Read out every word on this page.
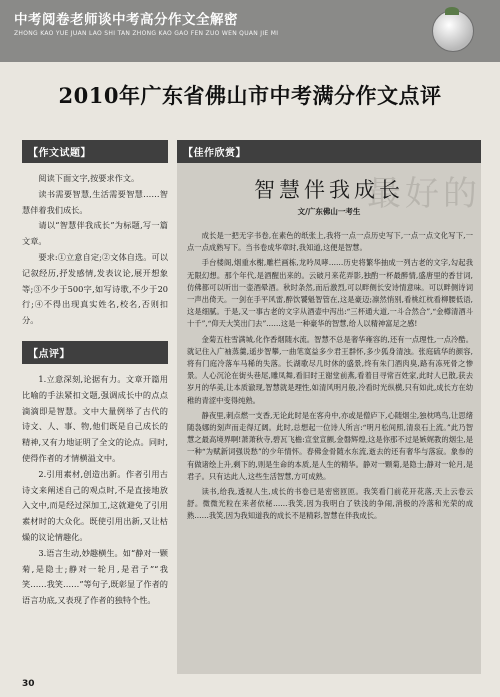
中考阅卷老师谈中考高分作文全解密
ZHONG KAO YUE JUAN LAO SHI TAN ZHONG KAO GAO FEN ZUO WEN QUAN JIE MI
2010年广东省佛山市中考满分作文点评
【作文试题】

阅读下面文字,按要求作文。

读书需要智慧,生活需要智慧……智慧伴着我们成长。

请以“智慧伴我成长”为标题,写一篇文章。

要求:①立意自定;②文体自选。可以记叙经历,抒发感情,发表议论,展开想象等;③不少于500字,如写诗歌,不少于20行;④不得出现真实姓名,校名,否则扣分。

【点评】

1.立意深刻,论据有力。文章开篇用比喻的手法紧扣文题,强调成长中的点点滴滴即是智慧。文中大量例举了古代的诗文、人、事、物,他们既是自己成长的精神,又有力地证明了全文的论点。同时,使得作者的才情横溢文中。

2.引用素材,创造出新。作者引用古诗文来阐述自己的观点时,不是直接地放入文中,而是经过深加工,这就避免了引用素材时的大众化。既使引用出新,又让枯燥的议论情趣化。

3.语言生动,妙趣横生。如“静对一颗菊,是隐士;静对一轮月,是君子”“我笑……我笑……”等句子,既彰显了作者的语言功底,又表现了作者的独特个性。

【佳作欣赏】
最好的
智慧伴我成长
文/广东佛山一考生

成长是一把无字书卷,在素色的纸张上,我将一点一点历史写下,一点一点文化写下,一点一点成熟写下。当书卷成华章时,我知道,这便是智慧。

手台楼阁,烟重水榭,雕栏画栋,龙吟凤哮……历史将繁华抽成一列古老的文字,勾起我无限幻想。那个年代,是酒醒出来的。云破月来花弄影,独酌一杯最醉情,盛唐里的香甘词,仿佛都可以听出一壶酒晕酒。秋时条然,而后激烈,可以畔侧长安诗情意味。可以畔侧诗词一声出倚天。一剑在手平风雷,醉饮饕魁智管在,这是豪迈;凛然悄别,看桃红枕看柳腰低语,这是细腻。于是,又一事古老的文字从酒壶中泻出:“三杯通大道,一斗合然合”,“金樽清酒斗十千”,“仰天大笑出门去”……这是一种豪华的智慧,给人以精神富足之感!

金菊五柱雪满城,化作香烟随水流。智慧不总是奢华雍容的,还有一点理性,一点冷酷。就记住入广袖蒸羹,遥步智攀,一曲笔寞益多少君王群怀,多少狐身清浊。张庭硫华的颜容,将有门庭冷落车马稀的失落。长湖歌尽几时休的盛景,终有朱门酒肉臭,路有冻死骨之惨景。人心沉沦在街头巷尾,雕凤舞,看旧时王谢堂前燕,看着目寻常百姓家,此时人已散,获去岁月的华美,让本质澈现,智慧就是理性,如清风明月般,冷看时光纵横,只有如此,成长方在幼稚的青涩中变得纯熟。

静夜里,刺点燃一支香,无论此时是在客舟中,亦或是僧庐下,心随烟尘,独枕鸣鸟,让思绪随袅娜的刻声而走得辽阔。此时,总想起一位诗人所言:“明月松间照,清泉石上流。”此乃智慧之最高境界啊!萧萧秋寺,碧瓦飞檐:宣堂宣颤,金磐辉煌,这是你那不过是嫉娓教的烟尘,是一种“为赋新词强说愁”的少年情怀。春佛金骨随水东流,逝去的还有奢华与落寂。象参的有做诸绘上升,剩下的,则是生命的本质,是人生的精华。静对一颗菊,是隐士;静对一轮月,是君子。只有达此人,这些生活智慧,方可成熟。

读书,给我,透视人生,成长的书卷已是密密匝匝。我笑看门前花开花落,天上云卷云舒。微微光粒在来者依秘……我笑,因为我明白了铁浅的争闹,消极的冷落和光荣的成熟……我笑,因为我知道我的成长不是精彩,智慧在伴我成长。

30
